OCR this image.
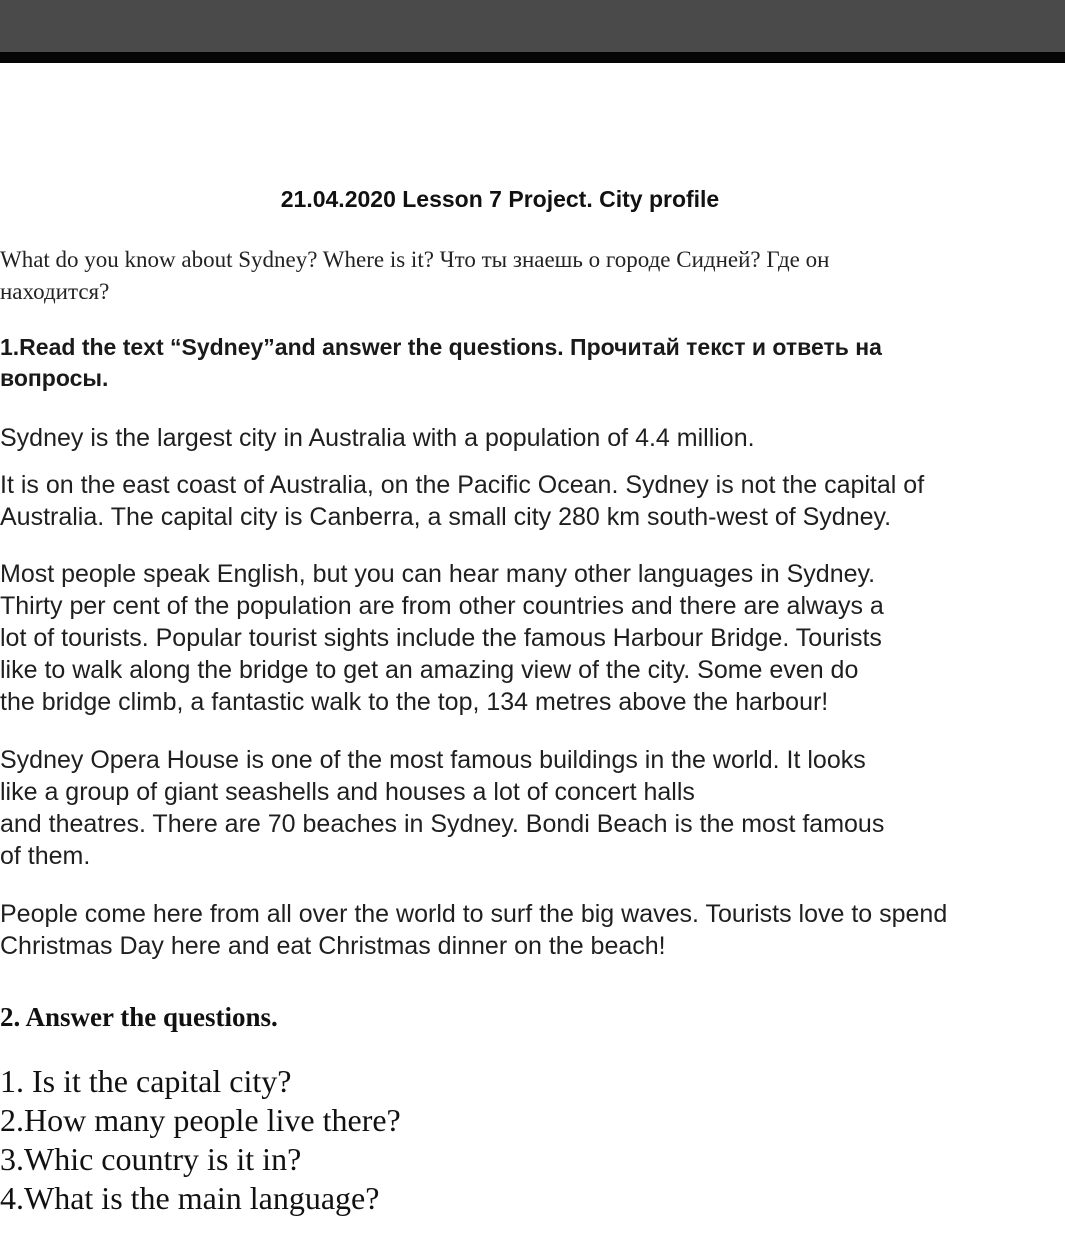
21.04.2020 Lesson 7 Project. City profile
What do you know about Sydney? Where is it? Что ты знаешь о городе Сидней? Где он
находится?
1.Read the text “Sydney”and answer the questions. Прочитай текст и ответь на
вопросы.
Sydney is the largest city in Australia with a population of 4.4 million.
It is on the east coast of Australia, on the Pacific Ocean. Sydney is not the capital of
Australia. The capital city is Canberra, a small city 280 km south-west of Sydney.
Most people speak English, but you can hear many other languages in Sydney.
Thirty per cent of the population are from other countries and there are always a
lot of tourists. Popular tourist sights include the famous Harbour Bridge. Tourists
like to walk along the bridge to get an amazing view of the city. Some even do
the bridge climb, a fantastic walk to the top, 134 metres above the harbour!
Sydney Opera House is one of the most famous buildings in the world. It looks
like a group of giant seashells and houses a lot of concert halls
and theatres. There are 70 beaches in Sydney. Bondi Beach is the most famous
of them.
People come here from all over the world to surf the big waves. Tourists love to spend
Christmas Day here and eat Christmas dinner on the beach!
2. Answer the questions.
1. Is it the capital city?
2.How many people live there?
3.Whic country is it in?
4.What is the main language?
